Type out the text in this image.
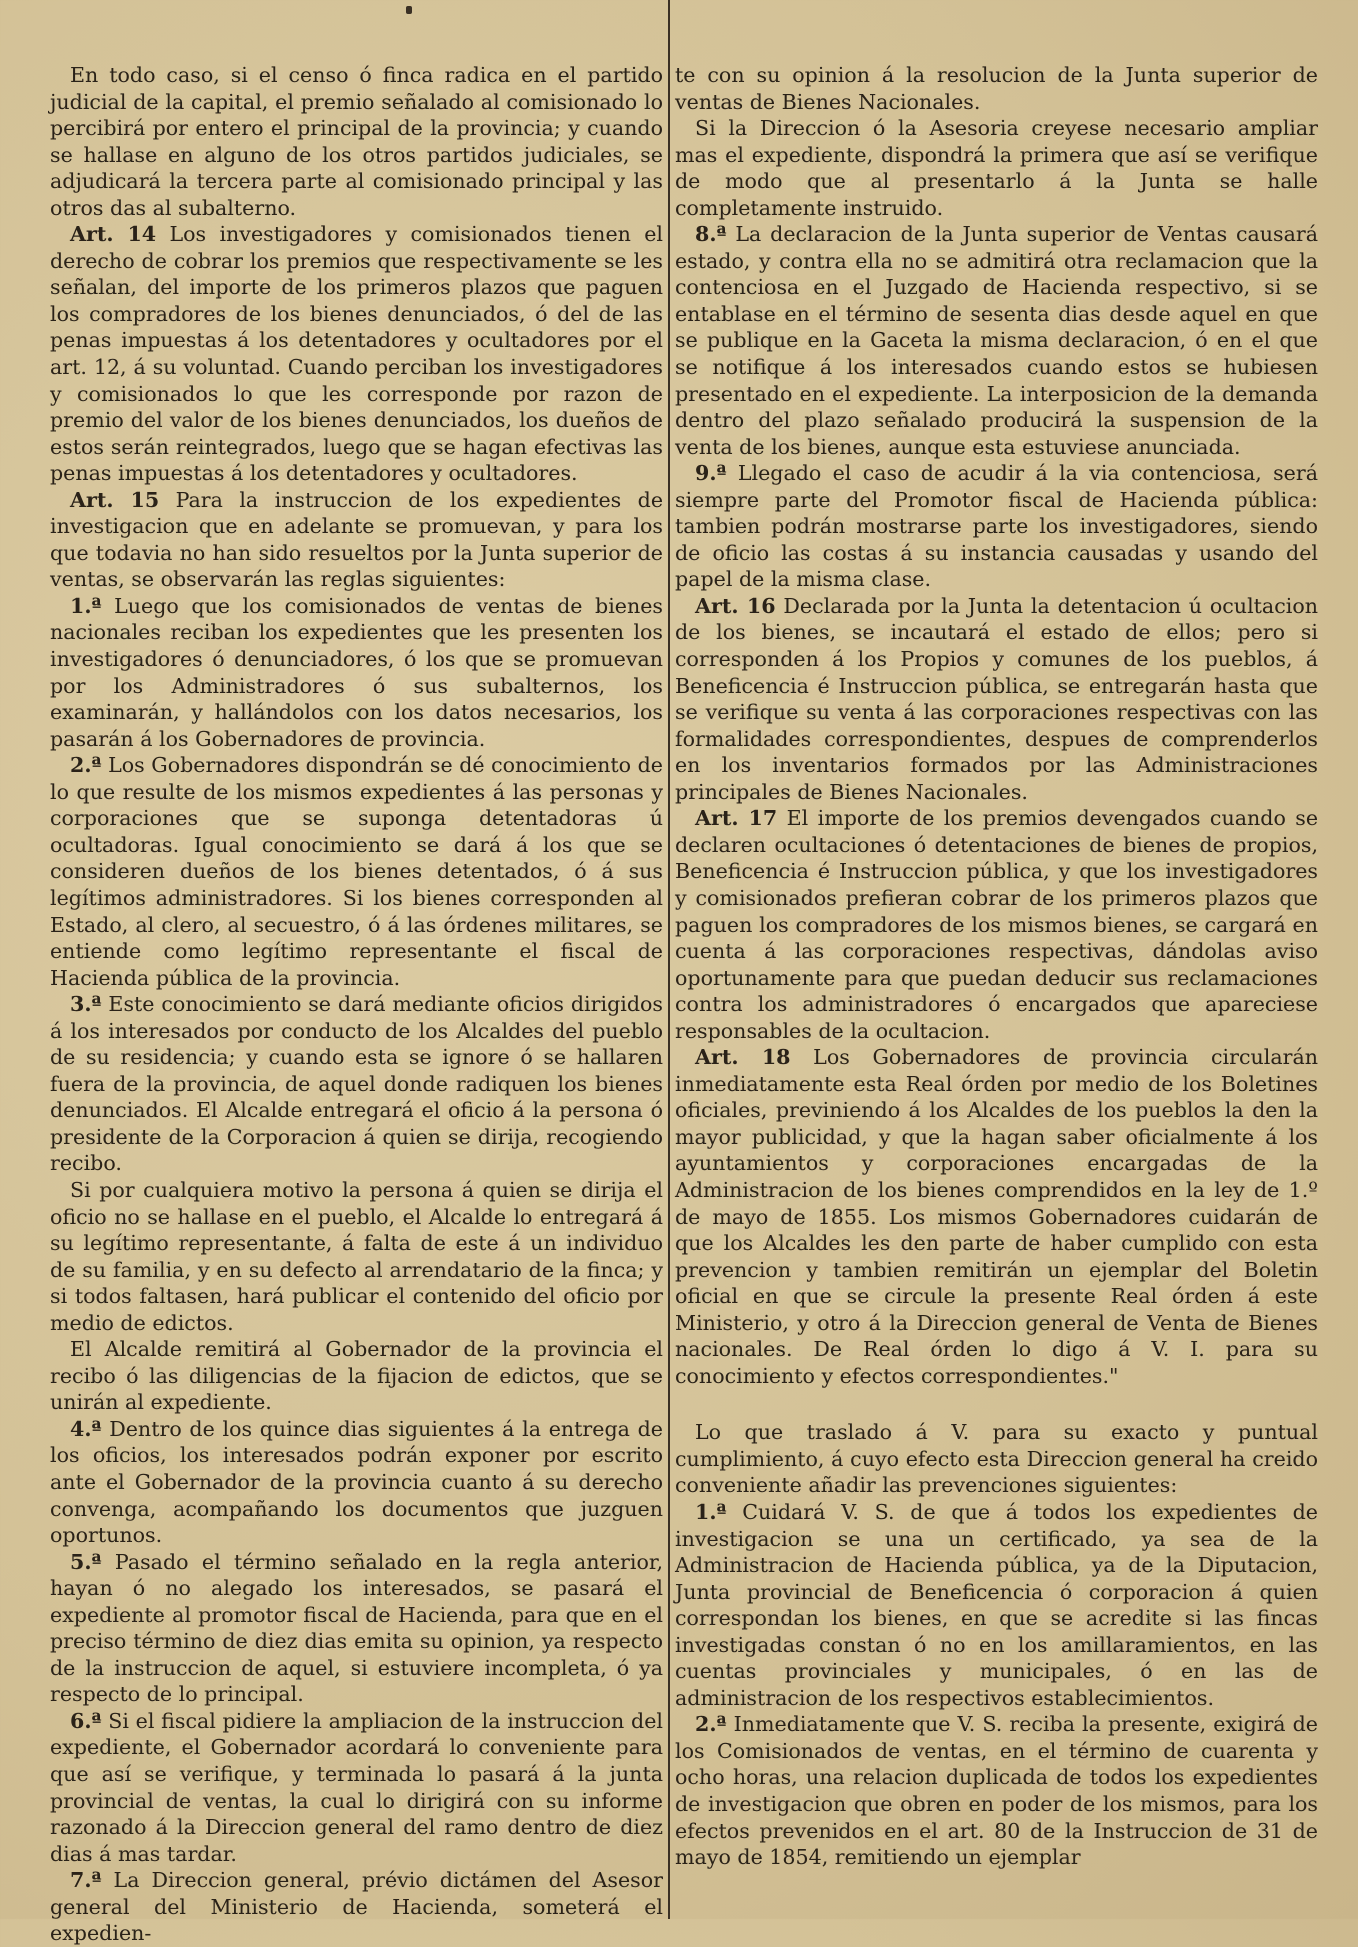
En todo caso, si el censo ó finca radica en el partido judicial de la capital, el premio señalado al comisionado lo percibirá por entero el principal de la provincia; y cuando se hallase en alguno de los otros partidos judiciales, se adjudicará la tercera parte al comisionado principal y las otros das al subalterno.

Art. 14 Los investigadores y comisionados tienen el derecho de cobrar los premios que respectivamente se les señalan, del importe de los primeros plazos que paguen los compradores de los bienes denunciados, ó del de las penas impuestas á los detentadores y ocultadores por el art. 12, á su voluntad. Cuando perciban los investigadores y comisionados lo que les corresponde por razon de premio del valor de los bienes denunciados, los dueños de estos serán reintegrados, luego que se hagan efectivas las penas impuestas á los detentadores y ocultadores.

Art. 15 Para la instruccion de los expedientes de investigacion que en adelante se promuevan, y para los que todavia no han sido resueltos por la Junta superior de ventas, se observarán las reglas siguientes:

1.ª Luego que los comisionados de ventas de bienes nacionales reciban los expedientes que les presenten los investigadores ó denunciadores, ó los que se promuevan por los Administradores ó sus subalternos, los examinarán, y hallándolos con los datos necesarios, los pasarán á los Gobernadores de provincia.

2.ª Los Gobernadores dispondrán se dé conocimiento de lo que resulte de los mismos expedientes á las personas y corporaciones que se suponga detentadoras ú ocultadoras. Igual conocimiento se dará á los que se consideren dueños de los bienes detentados, ó á sus legítimos administradores. Si los bienes corresponden al Estado, al clero, al secuestro, ó á las órdenes militares, se entiende como legítimo representante el fiscal de Hacienda pública de la provincia.

3.ª Este conocimiento se dará mediante oficios dirigidos á los interesados por conducto de los Alcaldes del pueblo de su residencia; y cuando esta se ignore ó se hallaren fuera de la provincia, de aquel donde radiquen los bienes denunciados. El Alcalde entregará el oficio á la persona ó presidente de la Corporacion á quien se dirija, recogiendo recibo.

Si por cualquiera motivo la persona á quien se dirija el oficio no se hallase en el pueblo, el Alcalde lo entregará á su legítimo representante, á falta de este á un individuo de su familia, y en su defecto al arrendatario de la finca; y si todos faltasen, hará publicar el contenido del oficio por medio de edictos.

El Alcalde remitirá al Gobernador de la provincia el recibo ó las diligencias de la fijacion de edictos, que se unirán al expediente.

4.ª Dentro de los quince dias siguientes á la entrega de los oficios, los interesados podrán exponer por escrito ante el Gobernador de la provincia cuanto á su derecho convenga, acompañando los documentos que juzguen oportunos.

5.ª Pasado el término señalado en la regla anterior, hayan ó no alegado los interesados, se pasará el expediente al promotor fiscal de Hacienda, para que en el preciso término de diez dias emita su opinion, ya respecto de la instruccion de aquel, si estuviere incompleta, ó ya respecto de lo principal.

6.ª Si el fiscal pidiere la ampliacion de la instruccion del expediente, el Gobernador acordará lo conveniente para que así se verifique, y terminada lo pasará á la junta provincial de ventas, la cual lo dirigirá con su informe razonado á la Direccion general del ramo dentro de diez dias á mas tardar.

7.ª La Direccion general, prévio dictámen del Asesor general del Ministerio de Hacienda, someterá el expedien-

te con su opinion á la resolucion de la Junta superior de ventas de Bienes Nacionales.

Si la Direccion ó la Asesoria creyese necesario ampliar mas el expediente, dispondrá la primera que así se verifique de modo que al presentarlo á la Junta se halle completamente instruido.

8.ª La declaracion de la Junta superior de Ventas causará estado, y contra ella no se admitirá otra reclamacion que la contenciosa en el Juzgado de Hacienda respectivo, si se entablase en el término de sesenta dias desde aquel en que se publique en la Gaceta la misma declaracion, ó en el que se notifique á los interesados cuando estos se hubiesen presentado en el expediente. La interposicion de la demanda dentro del plazo señalado producirá la suspension de la venta de los bienes, aunque esta estuviese anunciada.

9.ª Llegado el caso de acudir á la via contenciosa, será siempre parte del Promotor fiscal de Hacienda pública: tambien podrán mostrarse parte los investigadores, siendo de oficio las costas á su instancia causadas y usando del papel de la misma clase.

Art. 16 Declarada por la Junta la detentacion ú ocultacion de los bienes, se incautará el estado de ellos; pero si corresponden á los Propios y comunes de los pueblos, á Beneficencia é Instruccion pública, se entregarán hasta que se verifique su venta á las corporaciones respectivas con las formalidades correspondientes, despues de comprenderlos en los inventarios formados por las Administraciones principales de Bienes Nacionales.

Art. 17 El importe de los premios devengados cuando se declaren ocultaciones ó detentaciones de bienes de propios, Beneficencia é Instruccion pública, y que los investigadores y comisionados prefieran cobrar de los primeros plazos que paguen los compradores de los mismos bienes, se cargará en cuenta á las corporaciones respectivas, dándolas aviso oportunamente para que puedan deducir sus reclamaciones contra los administradores ó encargados que apareciese responsables de la ocultacion.

Art. 18 Los Gobernadores de provincia circularán inmediatamente esta Real órden por medio de los Boletines oficiales, previniendo á los Alcaldes de los pueblos la den la mayor publicidad, y que la hagan saber oficialmente á los ayuntamientos y corporaciones encargadas de la Administracion de los bienes comprendidos en la ley de 1.º de mayo de 1855. Los mismos Gobernadores cuidarán de que los Alcaldes les den parte de haber cumplido con esta prevencion y tambien remitirán un ejemplar del Boletin oficial en que se circule la presente Real órden á este Ministerio, y otro á la Direccion general de Venta de Bienes nacionales. De Real órden lo digo á V. I. para su conocimiento y efectos correspondientes."

Lo que traslado á V. para su exacto y puntual cumplimiento, á cuyo efecto esta Direccion general ha creido conveniente añadir las prevenciones siguientes:

1.ª Cuidará V. S. de que á todos los expedientes de investigacion se una un certificado, ya sea de la Administracion de Hacienda pública, ya de la Diputacion, Junta provincial de Beneficencia ó corporacion á quien correspondan los bienes, en que se acredite si las fincas investigadas constan ó no en los amillaramientos, en las cuentas provinciales y municipales, ó en las de administracion de los respectivos establecimientos.

2.ª Inmediatamente que V. S. reciba la presente, exigirá de los Comisionados de ventas, en el término de cuarenta y ocho horas, una relacion duplicada de todos los expedientes de investigacion que obren en poder de los mismos, para los efectos prevenidos en el art. 80 de la Instruccion de 31 de mayo de 1854, remitiendo un ejemplar
